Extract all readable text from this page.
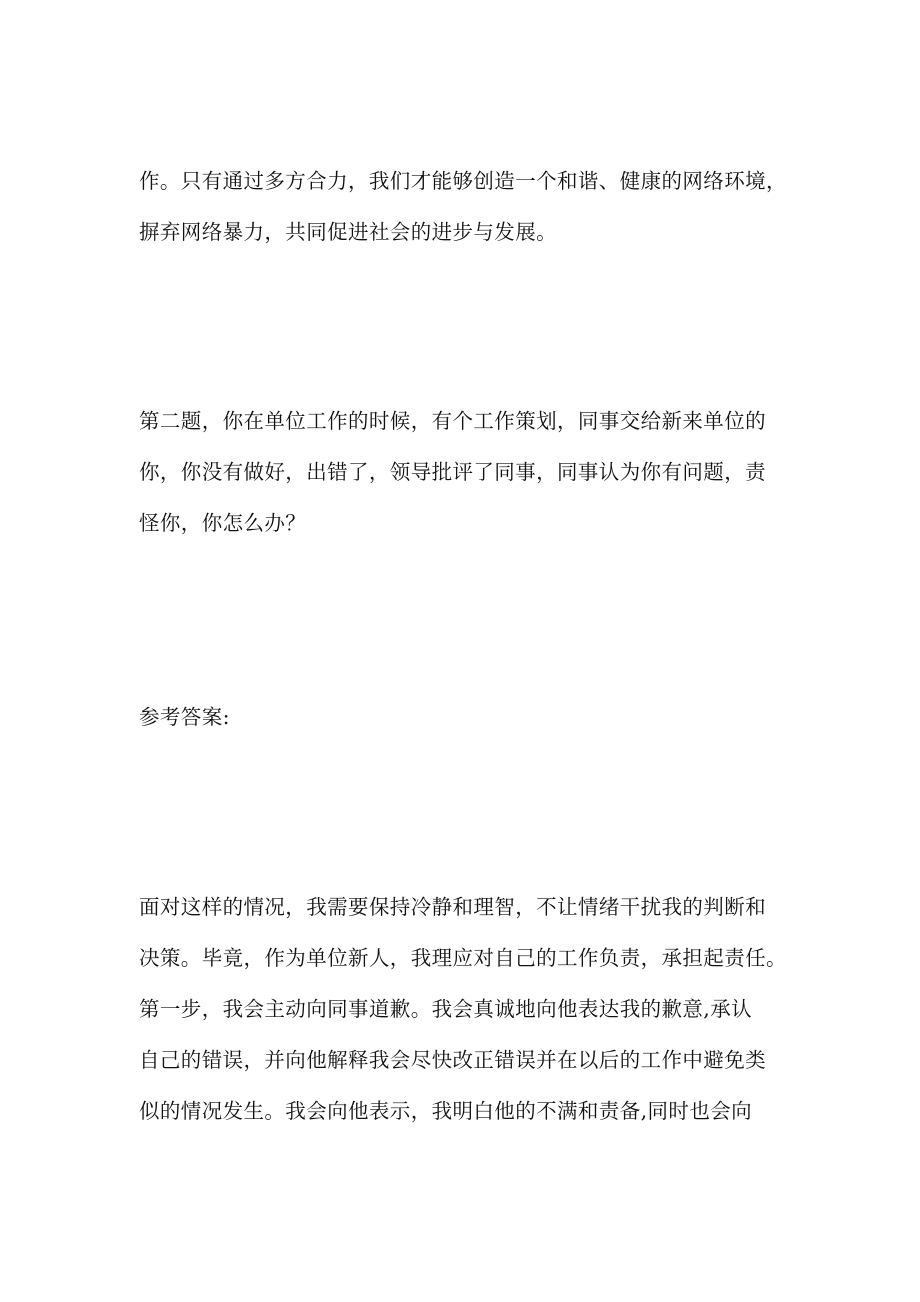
作。只有通过多方合力，我们才能够创造一个和谐、健康的网络环境，

摒弃网络暴力，共同促进社会的进步与发展。

第二题，你在单位工作的时候，有个工作策划，同事交给新来单位的

你，你没有做好，出错了，领导批评了同事，同事认为你有问题，责

怪你，你怎么办？

参考答案:

面对这样的情况，我需要保持冷静和理智，不让情绪干扰我的判断和

决策。毕竟，作为单位新人，我理应对自己的工作负责，承担起责任。

第一步，我会主动向同事道歉。我会真诚地向他表达我的歉意,承认

自己的错误，并向他解释我会尽快改正错误并在以后的工作中避免类

似的情况发生。我会向他表示，我明白他的不满和责备,同时也会向
